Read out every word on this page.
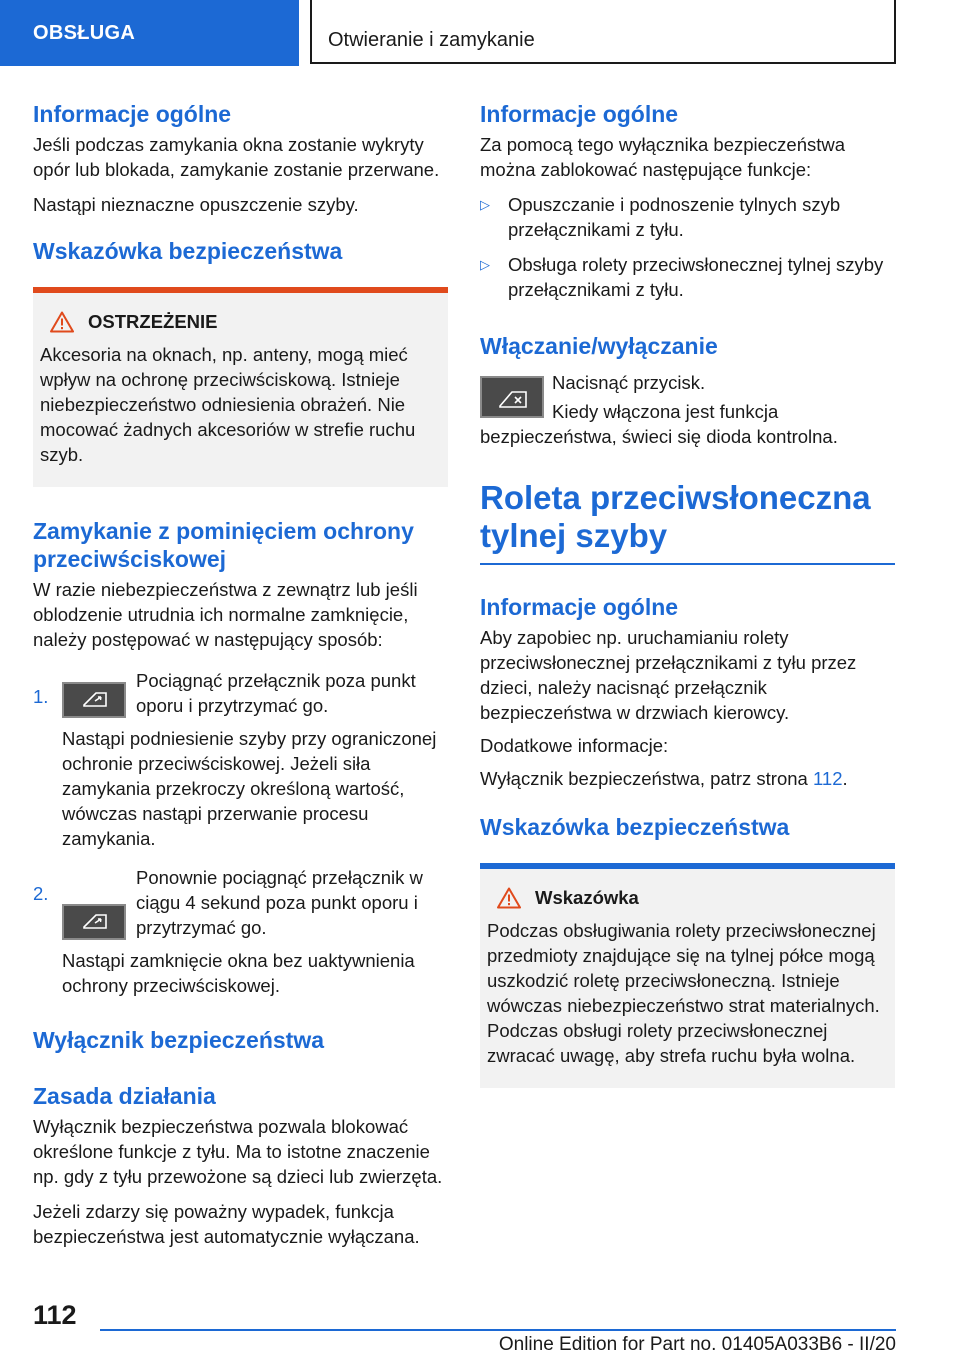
OBSŁUGA	Otwieranie i zamykanie
Informacje ogólne

Jeśli podczas zamykania okna zostanie wykryty opór lub blokada, zamykanie zostanie przerwane.

Nastąpi nieznaczne opuszczenie szyby.

Wskazówka bezpieczeństwa
OSTRZEŻENIE

Akcesoria na oknach, np. anteny, mogą mieć wpływ na ochronę przeciwściskową. Istnieje niebezpieczeństwo odniesienia obrażeń. Nie mocować żadnych akcesoriów w strefie ruchu szyb.

Zamykanie z pominięciem ochrony przeciwściskowej

W razie niebezpieczeństwa z zewnątrz lub jeśli oblodzenie utrudnia ich normalne zamknięcie, należy postępować w następujący sposób:

1.

Pociągnąć przełącznik poza punkt oporu i przytrzymać go.

Nastąpi podniesienie szyby przy ograniczonej ochronie przeciwściskowej. Jeżeli siła zamykania przekroczy określoną wartość, wówczas nastąpi przerwanie procesu zamykania.

2.

Ponownie pociągnąć przełącznik w ciągu 4 sekund poza punkt oporu i przytrzymać go.

Nastąpi zamknięcie okna bez uaktywnienia ochrony przeciwściskowej.

Wyłącznik bezpieczeństwa
Zasada działania

Wyłącznik bezpieczeństwa pozwala blokować określone funkcje z tyłu. Ma to istotne znaczenie np. gdy z tyłu przewożone są dzieci lub zwierzęta.

Jeżeli zdarzy się poważny wypadek, funkcja bezpieczeństwa jest automatycznie wyłączana.

Informacje ogólne

Za pomocą tego wyłącznika bezpieczeństwa można zablokować następujące funkcje:

▷ Opuszczanie i podnoszenie tylnych szyb przełącznikami z tyłu.

▷ Obsługa rolety przeciwsłonecznej tylnej szyby przełącznikami z tyłu.

Włączanie/wyłączanie

Nacisnąć przycisk.

Kiedy włączona jest funkcja bezpieczeństwa, świeci się dioda kontrolna.

Roleta przeciwsłoneczna tylnej szyby
Informacje ogólne

Aby zapobiec np. uruchamianiu rolety przeciwsłonecznej przełącznikami z tyłu przez dzieci, należy nacisnąć przełącznik bezpieczeństwa w drzwiach kierowcy.

Dodatkowe informacje:

Wyłącznik bezpieczeństwa, patrz strona 112.

Wskazówka bezpieczeństwa
Wskazówka

Podczas obsługiwania rolety przeciwsłonecznej przedmioty znajdujące się na tylnej półce mogą uszkodzić roletę przeciwsłoneczną. Istnieje wówczas niebezpieczeństwo strat materialnych. Podczas obsługi rolety przeciwsłonecznej zwracać uwagę, aby strefa ruchu była wolna.

112
Online Edition for Part no. 01405A033B6 - II/20
